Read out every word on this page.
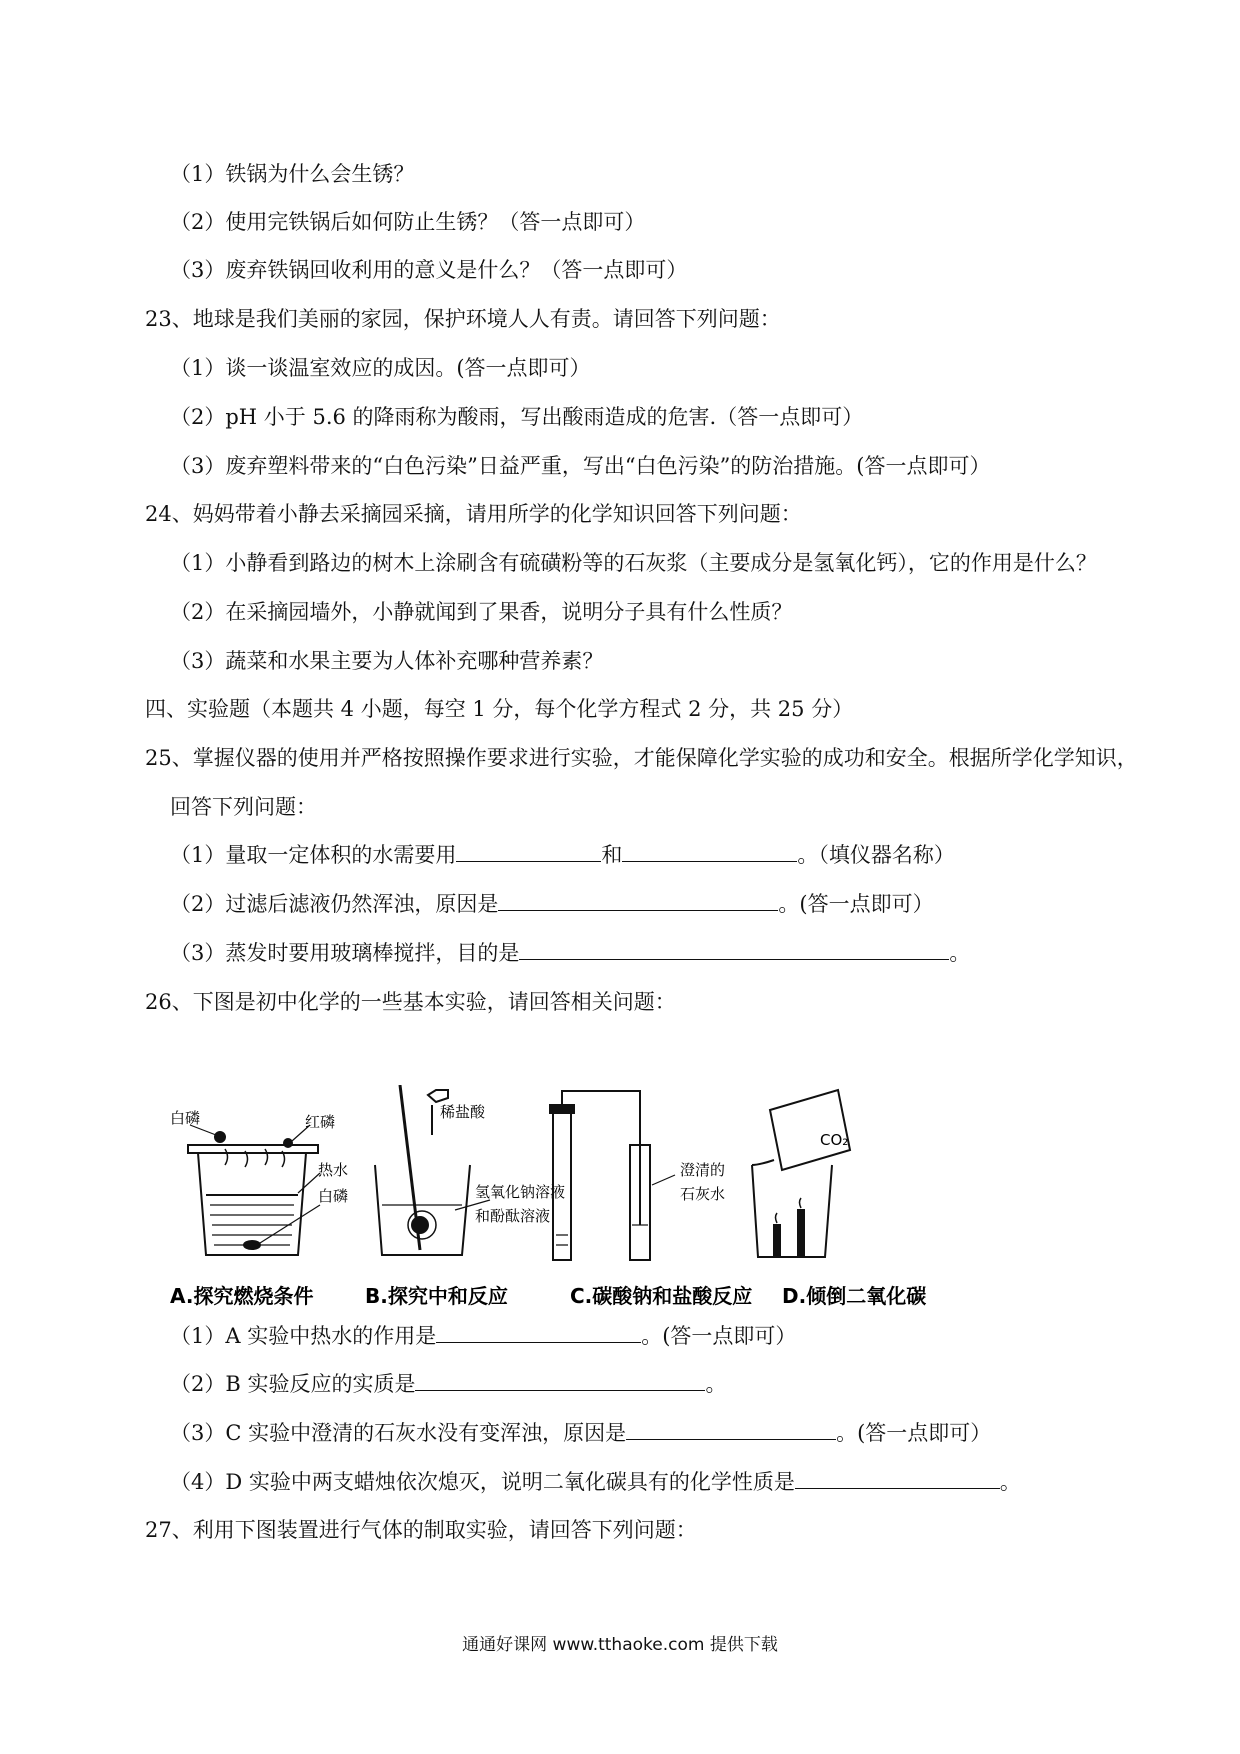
（1）铁锅为什么会生锈？
（2）使用完铁锅后如何防止生锈？（答一点即可）
（3）废弃铁锅回收利用的意义是什么？（答一点即可）
23、地球是我们美丽的家园，保护环境人人有责。请回答下列问题：
（1）谈一谈温室效应的成因。(答一点即可）
（2）pH 小于 5.6 的降雨称为酸雨，写出酸雨造成的危害.（答一点即可）
（3）废弃塑料带来的“白色污染”日益严重，写出“白色污染”的防治措施。(答一点即可）
24、妈妈带着小静去采摘园采摘，请用所学的化学知识回答下列问题：
（1）小静看到路边的树木上涂刷含有硫磺粉等的石灰浆（主要成分是氢氧化钙），它的作用是什么？
（2）在采摘园墙外，小静就闻到了果香，说明分子具有什么性质？
（3）蔬菜和水果主要为人体补充哪种营养素？
四、实验题（本题共 4 小题，每空 1 分，每个化学方程式 2 分，共 25 分）
25、掌握仪器的使用并严格按照操作要求进行实验，才能保障化学实验的成功和安全。根据所学化学知识，
回答下列问题：
（1）量取一定体积的水需要用	和	。（填仪器名称）
（2）过滤后滤液仍然浑浊，原因是	。(答一点即可）
（3）蒸发时要用玻璃棒搅拌，目的是	。
26、下图是初中化学的一些基本实验，请回答相关问题：
白磷	红磷
热水
白磷
稀盐酸
氢氧化钠溶液
和酚酞溶液
澄清的
石灰水
CO₂
A.探究燃烧条件	B.探究中和反应	C.碳酸钠和盐酸反应 D.倾倒二氧化碳
（1）A 实验中热水的作用是	。(答一点即可）
（2）B 实验反应的实质是	。
（3）C 实验中澄清的石灰水没有变浑浊，原因是	。(答一点即可）
（4）D 实验中两支蜡烛依次熄灭，说明二氧化碳具有的化学性质是	。
27、利用下图装置进行气体的制取实验，请回答下列问题：
通通好课网 www.tthaoke.com 提供下载
